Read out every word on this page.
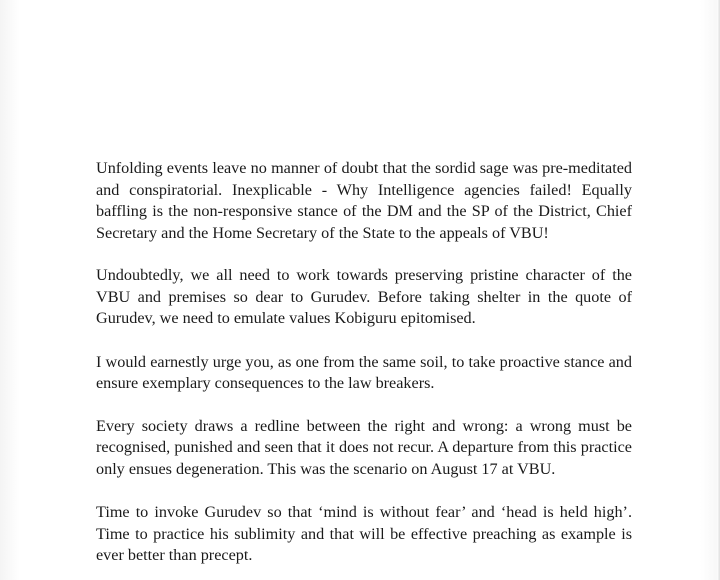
Unfolding events leave no manner of doubt that the sordid sage was pre-meditated and conspiratorial. Inexplicable - Why Intelligence agencies failed! Equally baffling is the non-responsive stance of the DM and the SP of the District, Chief Secretary and the Home Secretary of the State to the appeals of VBU!

Undoubtedly, we all need to work towards preserving pristine character of the VBU and premises so dear to Gurudev. Before taking shelter in the quote of Gurudev, we need to emulate values Kobiguru epitomised.

I would earnestly urge you, as one from the same soil, to take proactive stance and ensure exemplary consequences to the law breakers.

Every society draws a redline between the right and wrong: a wrong must be recognised, punished and seen that it does not recur. A departure from this practice only ensues degeneration. This was the scenario on August 17 at VBU.

Time to invoke Gurudev so that ‘mind is without fear’ and ‘head is held high’. Time to practice his sublimity and that will be effective preaching as example is ever better than precept.
